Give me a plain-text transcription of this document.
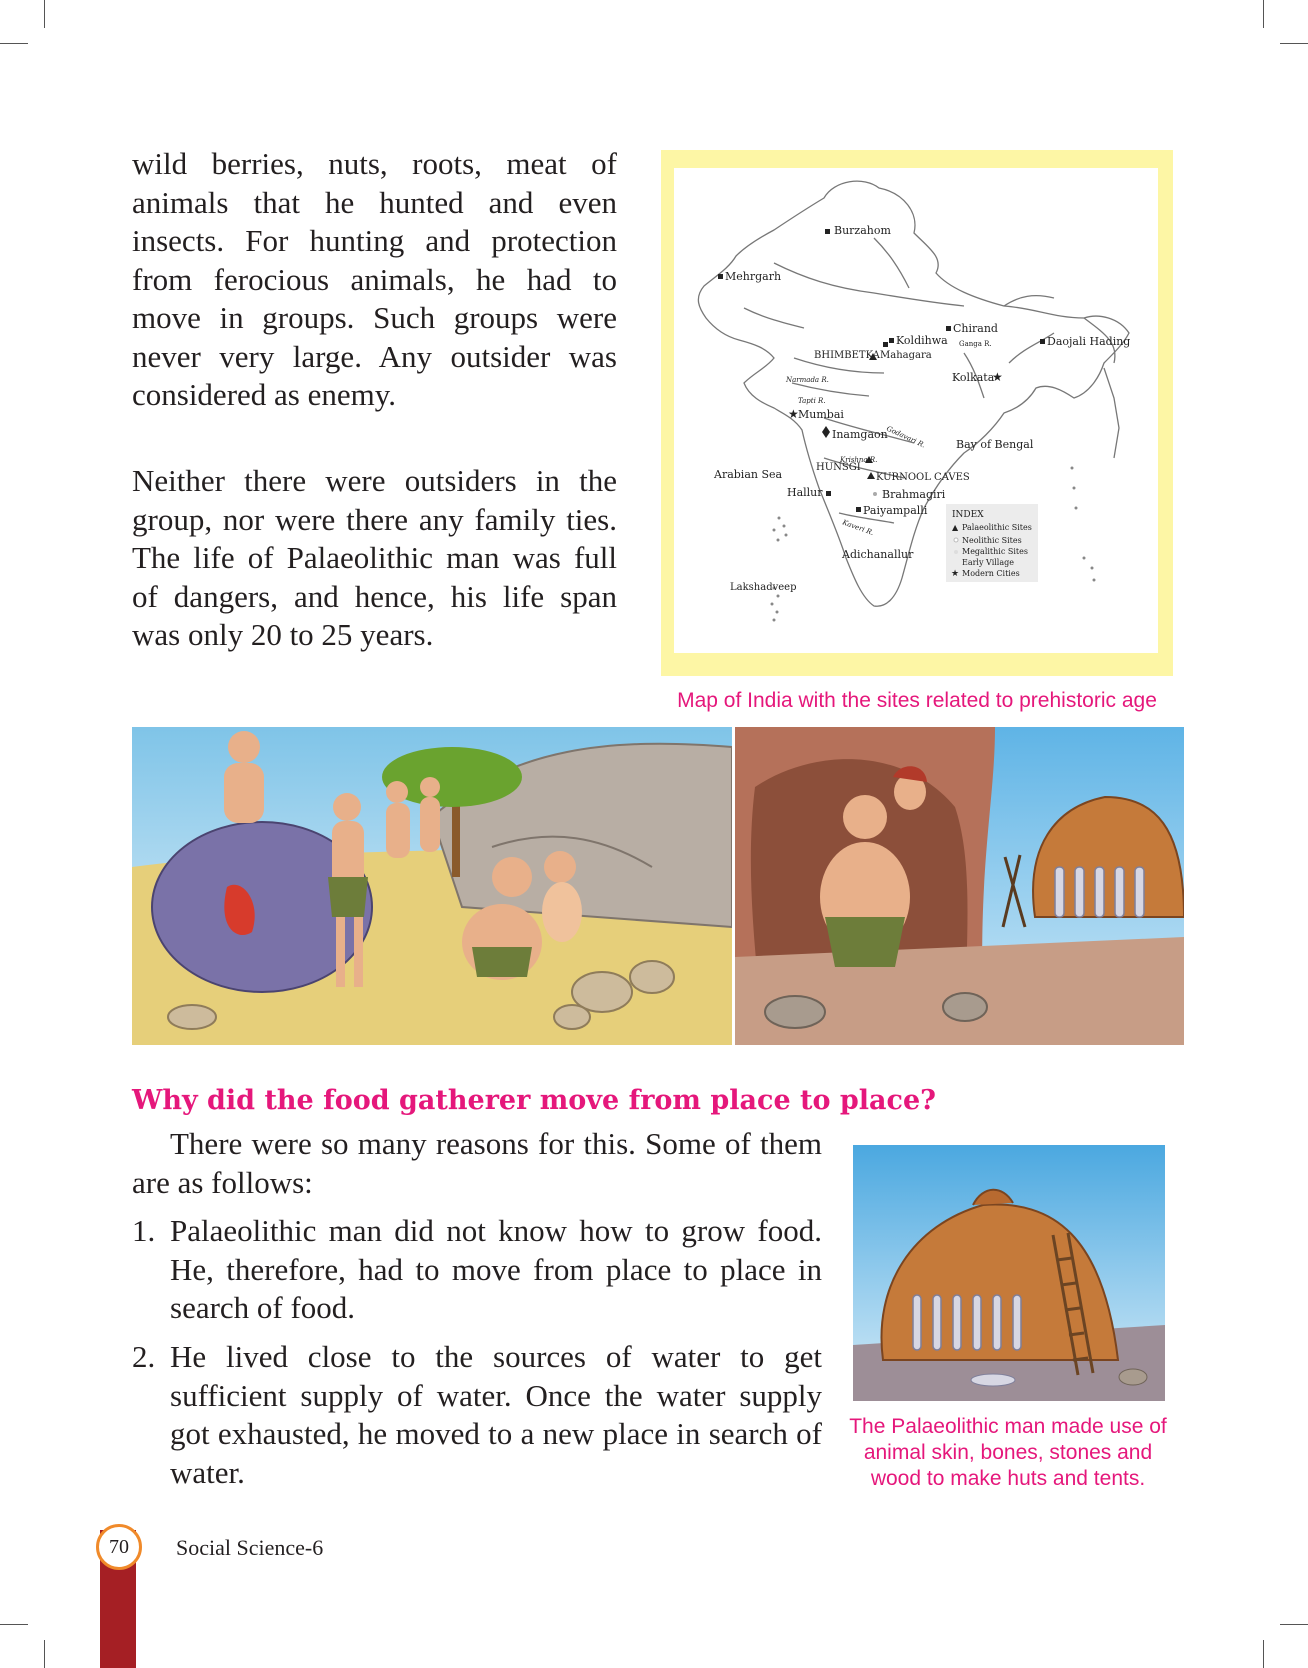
wild berries, nuts, roots, meat of animals that he hunted and even insects. For hunting and protection from ferocious animals, he had to move in groups. Such groups were never very large. Any outsider was considered as enemy.

Neither there were outsiders in the group, nor were there any family ties. The life of Palaeolithic man was full of dangers, and hence, his life span was only 20 to 25 years.

Burzahom
Mehrgarh
Chirand
Koldihwa Ganga R.	Daojali Hading
BHIMBETKA Mahagara
Narmada R.	Kolkata
★
Tapti R.
★ Mumbai
Godavari R.
Inamgaon
Bay of Bengal
Krishna R.
Arabian Sea
HUNSGI
KURNOOL CAVES
Hallur	Brahmagiri
Paiyampalli
Kaveri R.
Adichanallur
Lakshadveep
INDEX
▲ Palaeolithic Sites
Neolithic Sites
Megalithic Sites
Early Village
★ Modern Cities

Map of India with the sites related to prehistoric age

Why did the food gatherer move from place to place?

There were so many reasons for this. Some of them are as follows:

1. Palaeolithic man did not know how to grow food. He, therefore, had to move from place to place in search of food.

2. He lived close to the sources of water to get sufficient supply of water. Once the water supply got exhausted, he moved to a new place in search of water.

The Palaeolithic man made use of animal skin, bones, stones and wood to make huts and tents.

70 Social Science-6
